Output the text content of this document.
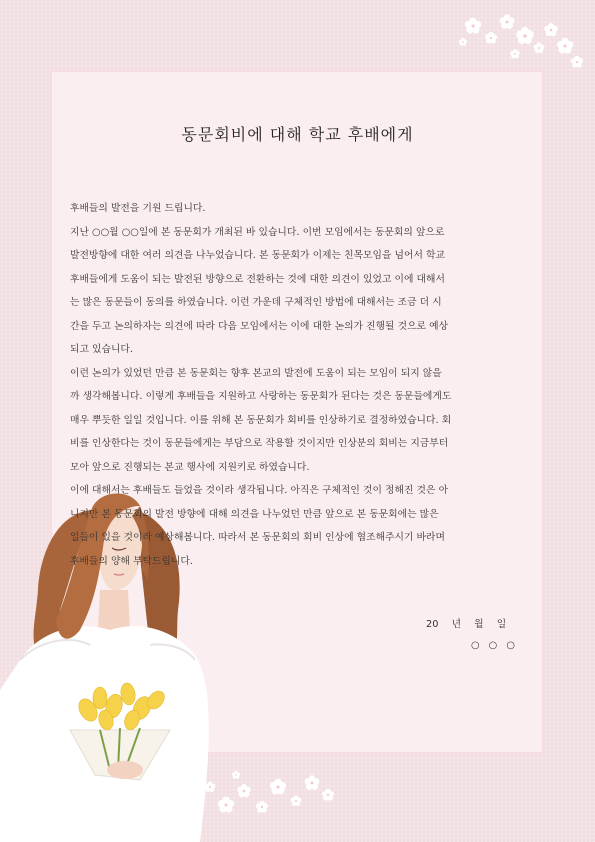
동문회비에 대해 학교 후배에게
후배들의 발전을 기원 드립니다.
지난 ○○월 ○○일에 본 동문회가 개최된 바 있습니다. 이번 모임에서는 동문회의 앞으로
발전방향에 대한 여러 의견을 나누었습니다. 본 동문회가 이제는 친목모임을 넘어서 학교
후배들에게 도움이 되는 발전된 방향으로 전환하는 것에 대한 의견이 있었고 이에 대해서
는 많은 동문들이 동의를 하였습니다. 이런 가운데 구체적인 방법에 대해서는 조금 더 시
간을 두고 논의하자는 의견에 따라 다음 모임에서는 이에 대한 논의가 진행될 것으로 예상
되고 있습니다.
이런 논의가 있었던 만큼 본 동문회는 향후 본교의 발전에 도움이 되는 모임이 되지 않을
까 생각해봅니다. 이렇게 후배들을 지원하고 사랑하는 동문회가 된다는 것은 동문들에게도
매우 뿌듯한 일일 것입니다. 이를 위해 본 동문회가 회비를 인상하기로 결정하였습니다. 회
비를 인상한다는 것이 동문들에게는 부담으로 작용할 것이지만 인상분의 회비는 지금부터
모아 앞으로 진행되는 본교 행사에 지원키로 하였습니다.
이에 대해서는 후배들도 들었을 것이라 생각됩니다. 아직은 구체적인 것이 정해진 것은 아
니지만 본 동문회의 발전 방향에 대해 의견을 나누었던 만큼 앞으로 본 동문회에는 많은
일들이 있을 것이라 예상해봅니다. 따라서 본 동문회의 회비 인상에 협조해주시기 바라며
후배들의 양해 부탁드립니다.
20 년 월 일
○ ○ ○
